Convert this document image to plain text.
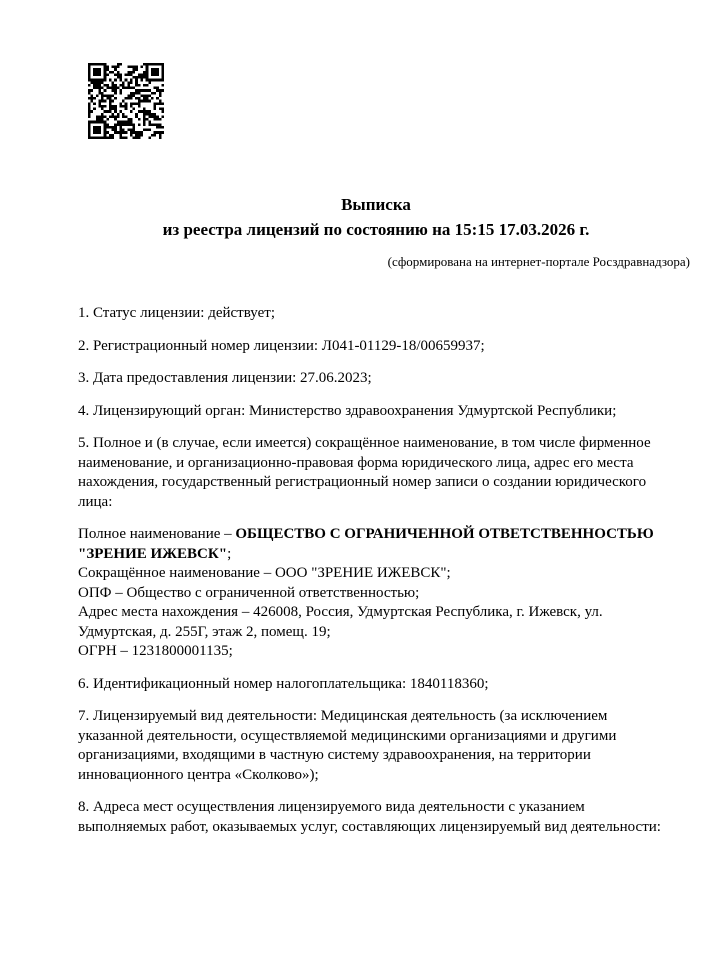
Выписка
из реестра лицензий по состоянию на 15:15 17.03.2026 г.
(сформирована на интернет-портале Росздравнадзора)

1. Статус лицензии: действует;

2. Регистрационный номер лицензии: Л041-01129-18/00659937;

3. Дата предоставления лицензии: 27.06.2023;

4. Лицензирующий орган: Министерство здравоохранения Удмуртской Республики;

5. Полное и (в случае, если имеется) сокращённое наименование, в том числе фирменное наименование, и организационно-правовая форма юридического лица, адрес его места нахождения, государственный регистрационный номер записи о создании юридического лица:

Полное наименование – ОБЩЕСТВО С ОГРАНИЧЕННОЙ ОТВЕТСТВЕННОСТЬЮ "ЗРЕНИЕ ИЖЕВСК";
Сокращённое наименование – ООО "ЗРЕНИЕ ИЖЕВСК";
ОПФ – Общество с ограниченной ответственностью;
Адрес места нахождения – 426008, Россия, Удмуртская Республика, г. Ижевск, ул. Удмуртская, д. 255Г, этаж 2, помещ. 19;
ОГРН – 1231800001135;

6. Идентификационный номер налогоплательщика: 1840118360;

7. Лицензируемый вид деятельности: Медицинская деятельность (за исключением указанной деятельности, осуществляемой медицинскими организациями и другими организациями, входящими в частную систему здравоохранения, на территории инновационного центра «Сколково»);

8. Адреса мест осуществления лицензируемого вида деятельности с указанием выполняемых работ, оказываемых услуг, составляющих лицензируемый вид деятельности:
